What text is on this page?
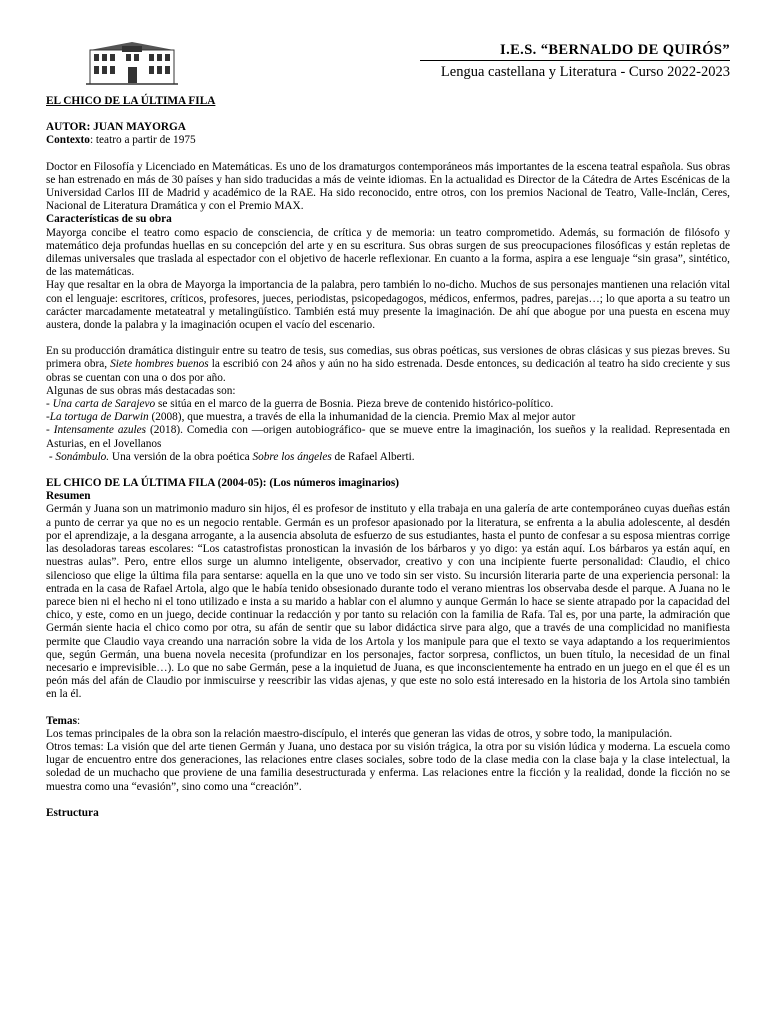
I.E.S. “BERNALDO DE QUIRÓS”
Lengua castellana y Literatura - Curso 2022-2023

EL CHICO DE LA ÚLTIMA FILA

AUTOR: JUAN MAYORGA

Contexto: teatro a partir de 1975

Doctor en Filosofía y Licenciado en Matemáticas. Es uno de los dramaturgos contemporáneos más importantes de la escena teatral española. Sus obras se han estrenado en más de 30 países y han sido traducidas a más de veinte idiomas. En la actualidad es Director de la Cátedra de Artes Escénicas de la Universidad Carlos III de Madrid y académico de la RAE. Ha sido reconocido, entre otros, con los premios Nacional de Teatro, Valle-Inclán, Ceres, Nacional de Literatura Dramática y con el Premio MAX.

Características de su obra

Mayorga concibe el teatro como espacio de consciencia, de crítica y de memoria: un teatro comprometido. Además, su formación de filósofo y matemático deja profundas huellas en su concepción del arte y en su escritura. Sus obras surgen de sus preocupaciones filosóficas y están repletas de dilemas universales que traslada al espectador con el objetivo de hacerle reflexionar. En cuanto a la forma, aspira a ese lenguaje “sin grasa”, sintético, de las matemáticas.

Hay que resaltar en la obra de Mayorga la importancia de la palabra, pero también lo no-dicho. Muchos de sus personajes mantienen una relación vital con el lenguaje: escritores, críticos, profesores, jueces, periodistas, psicopedagogos, médicos, enfermos, padres, parejas…; lo que aporta a su teatro un carácter marcadamente metateatral y metalingüístico. También está muy presente la imaginación. De ahí que abogue por una puesta en escena muy austera, donde la palabra y la imaginación ocupen el vacío del escenario.

En su producción dramática distinguir entre su teatro de tesis, sus comedias, sus obras poéticas, sus versiones de obras clásicas y sus piezas breves. Su primera obra, Siete hombres buenos la escribió con 24 años y aún no ha sido estrenada. Desde entonces, su dedicación al teatro ha sido creciente y sus obras se cuentan con una o dos por año.

Algunas de sus obras más destacadas son:

- Una carta de Sarajevo se sitúa en el marco de la guerra de Bosnia. Pieza breve de contenido histórico-político.

-La tortuga de Darwin (2008), que muestra, a través de ella la inhumanidad de la ciencia. Premio Max al mejor autor

- Intensamente azules (2018). Comedia con —origen autobiográfico- que se mueve entre la imaginación, los sueños y la realidad. Representada en Asturias, en el Jovellanos

- Sonámbulo. Una versión de la obra poética Sobre los ángeles de Rafael Alberti.

EL CHICO DE LA ÚLTIMA FILA (2004-05): (Los números imaginarios)

Resumen

Germán y Juana son un matrimonio maduro sin hijos, él es profesor de instituto y ella trabaja en una galería de arte contemporáneo cuyas dueñas están a punto de cerrar ya que no es un negocio rentable. Germán es un profesor apasionado por la literatura, se enfrenta a la abulia adolescente, al desdén por el aprendizaje, a la desgana arrogante, a la ausencia absoluta de esfuerzo de sus estudiantes, hasta el punto de confesar a su esposa mientras corrige las desoladoras tareas escolares: “Los catastrofistas pronostican la invasión de los bárbaros y yo digo: ya están aquí. Los bárbaros ya están aquí, en nuestras aulas”. Pero, entre ellos surge un alumno inteligente, observador, creativo y con una incipiente fuerte personalidad: Claudio, el chico silencioso que elige la última fila para sentarse: aquella en la que uno ve todo sin ser visto. Su incursión literaria parte de una experiencia personal: la entrada en la casa de Rafael Artola, algo que le había tenido obsesionado durante todo el verano mientras los observaba desde el parque. A Juana no le parece bien ni el hecho ni el tono utilizado e insta a su marido a hablar con el alumno y aunque Germán lo hace se siente atrapado por la capacidad del chico, y este, como en un juego, decide continuar la redacción y por tanto su relación con la familia de Rafa. Tal es, por una parte, la admiración que Germán siente hacia el chico como por otra, su afán de sentir que su labor didáctica sirve para algo, que a través de una complicidad no manifiesta permite que Claudio vaya creando una narración sobre la vida de los Artola y los manipule para que el texto se vaya adaptando a los requerimientos que, según Germán, una buena novela necesita (profundizar en los personajes, factor sorpresa, conflictos, un buen título, la necesidad de un final necesario e imprevisible…). Lo que no sabe Germán, pese a la inquietud de Juana, es que inconscientemente ha entrado en un juego en el que él es un peón más del afán de Claudio por inmiscuirse y reescribir las vidas ajenas, y que este no solo está interesado en la historia de los Artola sino también en la él.

Temas:

Los temas principales de la obra son la relación maestro-discípulo, el interés que generan las vidas de otros, y sobre todo, la manipulación.

Otros temas: La visión que del arte tienen Germán y Juana, uno destaca por su visión trágica, la otra por su visión lúdica y moderna. La escuela como lugar de encuentro entre dos generaciones, las relaciones entre clases sociales, sobre todo de la clase media con la clase baja y la clase intelectual, la soledad de un muchacho que proviene de una familia desestructurada y enferma. Las relaciones entre la ficción y la realidad, donde la ficción no se muestra como una “evasión”, sino como una “creación”.

Estructura
